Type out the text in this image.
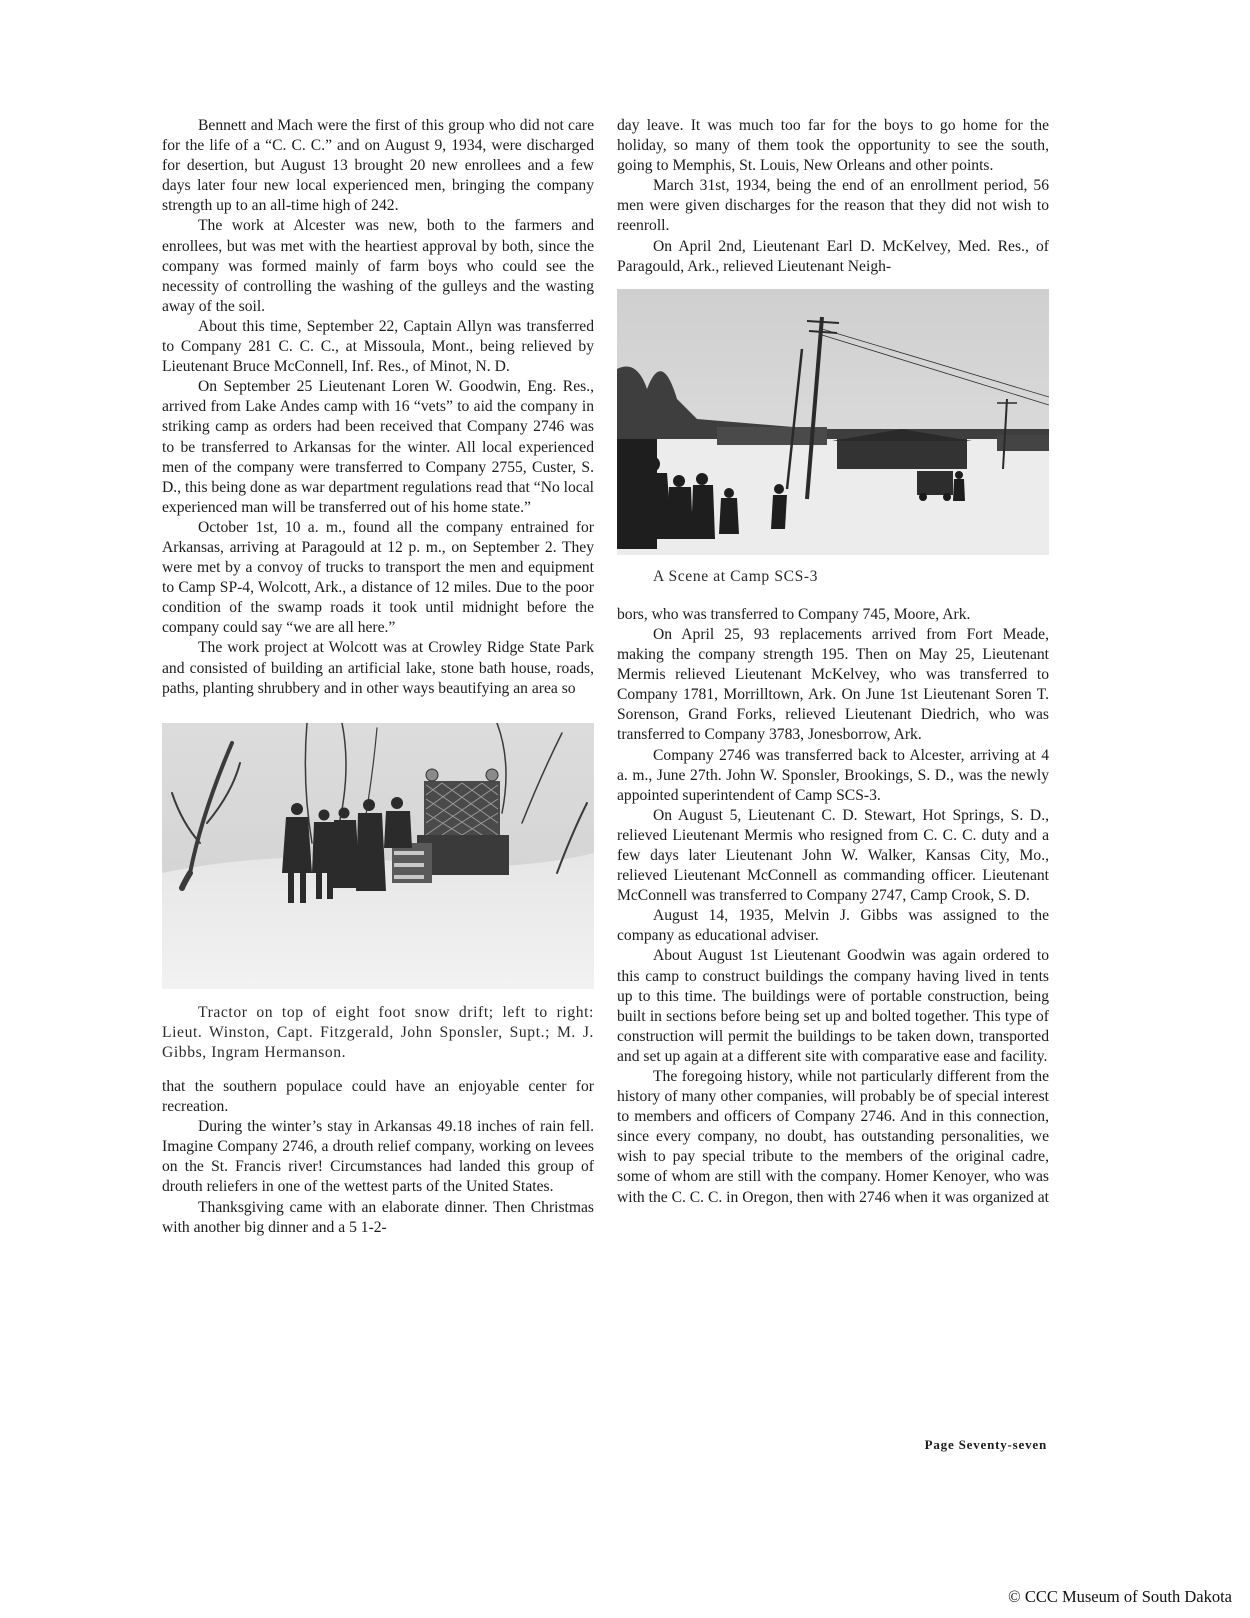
Bennett and Mach were the first of this group who did not care for the life of a “C. C. C.” and on August 9, 1934, were discharged for desertion, but August 13 brought 20 new enrollees and a few days later four new local experienced men, bringing the company strength up to an all-time high of 242.

The work at Alcester was new, both to the farmers and enrollees, but was met with the heartiest approval by both, since the company was formed mainly of farm boys who could see the necessity of controlling the washing of the gulleys and the wasting away of the soil.

About this time, September 22, Captain Allyn was transferred to Company 281 C. C. C., at Missoula, Mont., being relieved by Lieutenant Bruce McConnell, Inf. Res., of Minot, N. D.

On September 25 Lieutenant Loren W. Goodwin, Eng. Res., arrived from Lake Andes camp with 16 “vets” to aid the company in striking camp as orders had been received that Company 2746 was to be transferred to Arkansas for the winter. All local experienced men of the company were transferred to Company 2755, Custer, S. D., this being done as war department regulations read that “No local experienced man will be transferred out of his home state.”

October 1st, 10 a. m., found all the company entrained for Arkansas, arriving at Paragould at 12 p. m., on September 2. They were met by a convoy of trucks to transport the men and equipment to Camp SP-4, Wolcott, Ark., a distance of 12 miles. Due to the poor condition of the swamp roads it took until midnight before the company could say “we are all here.”

The work project at Wolcott was at Crowley Ridge State Park and consisted of building an artificial lake, stone bath house, roads, paths, planting shrubbery and in other ways beautifying an area so

Tractor on top of eight foot snow drift; left to right: Lieut. Winston, Capt. Fitzgerald, John Sponsler, Supt.; M. J. Gibbs, Ingram Hermanson.

that the southern populace could have an enjoyable center for recreation.

During the winter’s stay in Arkansas 49.18 inches of rain fell. Imagine Company 2746, a drouth relief company, working on levees on the St. Francis river! Circumstances had landed this group of drouth reliefers in one of the wettest parts of the United States.

Thanksgiving came with an elaborate dinner. Then Christmas with another big dinner and a 5 1-2-

day leave. It was much too far for the boys to go home for the holiday, so many of them took the opportunity to see the south, going to Memphis, St. Louis, New Orleans and other points.

March 31st, 1934, being the end of an enrollment period, 56 men were given discharges for the reason that they did not wish to reenroll.

On April 2nd, Lieutenant Earl D. McKelvey, Med. Res., of Paragould, Ark., relieved Lieutenant Neigh-

A Scene at Camp SCS-3

bors, who was transferred to Company 745, Moore, Ark.

On April 25, 93 replacements arrived from Fort Meade, making the company strength 195. Then on May 25, Lieutenant Mermis relieved Lieutenant McKelvey, who was transferred to Company 1781, Morrilltown, Ark. On June 1st Lieutenant Soren T. Sorenson, Grand Forks, relieved Lieutenant Diedrich, who was transferred to Company 3783, Jonesborrow, Ark.

Company 2746 was transferred back to Alcester, arriving at 4 a. m., June 27th. John W. Sponsler, Brookings, S. D., was the newly appointed superintendent of Camp SCS-3.

On August 5, Lieutenant C. D. Stewart, Hot Springs, S. D., relieved Lieutenant Mermis who resigned from C. C. C. duty and a few days later Lieutenant John W. Walker, Kansas City, Mo., relieved Lieutenant McConnell as commanding officer. Lieutenant McConnell was transferred to Company 2747, Camp Crook, S. D.

August 14, 1935, Melvin J. Gibbs was assigned to the company as educational adviser.

About August 1st Lieutenant Goodwin was again ordered to this camp to construct buildings the company having lived in tents up to this time. The buildings were of portable construction, being built in sections before being set up and bolted together. This type of construction will permit the buildings to be taken down, transported and set up again at a different site with comparative ease and facility.

The foregoing history, while not particularly different from the history of many other companies, will probably be of special interest to members and officers of Company 2746. And in this connection, since every company, no doubt, has outstanding personalities, we wish to pay special tribute to the members of the original cadre, some of whom are still with the company. Homer Kenoyer, who was with the C. C. C. in Oregon, then with 2746 when it was organized at

Page Seventy-seven
© CCC Museum of South Dakota
